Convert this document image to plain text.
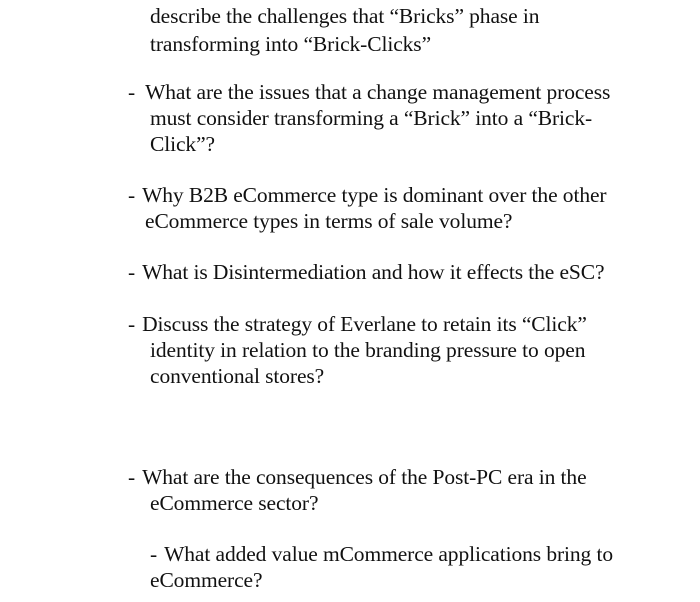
describe the challenges that “Bricks” phase in
transforming into “Brick-Clicks”
- What are the issues that a change management process
must consider transforming a “Brick” into a “Brick-
Click”?
- Why B2B eCommerce type is dominant over the other
eCommerce types in terms of sale volume?
- What is Disintermediation and how it effects the eSC?
- Discuss the strategy of Everlane to retain its “Click”
identity in relation to the branding pressure to open
conventional stores?
- What are the consequences of the Post-PC era in the
eCommerce sector?
- What added value mCommerce applications bring to
eCommerce?
